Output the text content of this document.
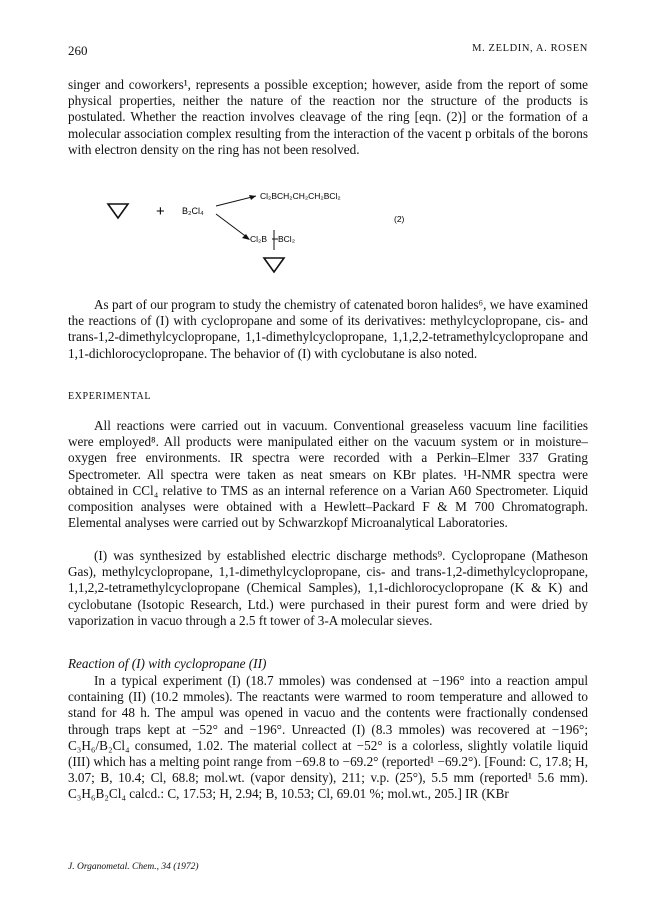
260	M. ZELDIN, A. ROSEN

singer and coworkers¹, represents a possible exception; however, aside from the report of some physical properties, neither the nature of the reaction nor the structure of the products is postulated. Whether the reaction involves cleavage of the ring [eqn. (2)] or the formation of a molecular association complex resulting from the interaction of the vacent p orbitals of the borons with electron density on the ring has not been resolved.

+ B₂Cl₄
Cl₂BCH₂CH₂CH₂BCl₂
(2)
Cl₂B BCl₂

As part of our program to study the chemistry of catenated boron halides⁶, we have examined the reactions of (I) with cyclopropane and some of its derivatives: methylcyclopropane, cis- and trans-1,2-dimethylcyclopropane, 1,1-dimethylcyclopropane, 1,1,2,2-tetramethylcyclopropane and 1,1-dichlorocyclopropane. The behavior of (I) with cyclobutane is also noted.

EXPERIMENTAL

All reactions were carried out in vacuum. Conventional greaseless vacuum line facilities were employed⁸. All products were manipulated either on the vacuum system or in moisture–oxygen free environments. IR spectra were recorded with a Perkin–Elmer 337 Grating Spectrometer. All spectra were taken as neat smears on KBr plates. ¹H-NMR spectra were obtained in CCl₄ relative to TMS as an internal reference on a Varian A60 Spectrometer. Liquid composition analyses were obtained with a Hewlett–Packard F & M 700 Chromatograph. Elemental analyses were carried out by Schwarzkopf Microanalytical Laboratories.

(I) was synthesized by established electric discharge methods⁹. Cyclopropane (Matheson Gas), methylcyclopropane, 1,1-dimethylcyclopropane, cis- and trans-1,2-dimethylcyclopropane, 1,1,2,2-tetramethylcyclopropane (Chemical Samples), 1,1-dichlorocyclopropane (K & K) and cyclobutane (Isotopic Research, Ltd.) were purchased in their purest form and were dried by vaporization in vacuo through a 2.5 ft tower of 3-A molecular sieves.

Reaction of (I) with cyclopropane (II)

In a typical experiment (I) (18.7 mmoles) was condensed at −196° into a reaction ampul containing (II) (10.2 mmoles). The reactants were warmed to room temperature and allowed to stand for 48 h. The ampul was opened in vacuo and the contents were fractionally condensed through traps kept at −52° and −196°. Unreacted (I) (8.3 mmoles) was recovered at −196°; C₃H₆/B₂Cl₄ consumed, 1.02. The material collect at −52° is a colorless, slightly volatile liquid (III) which has a melting point range from −69.8 to −69.2° (reported¹ −69.2°). [Found: C, 17.8; H, 3.07; B, 10.4; Cl, 68.8; mol.wt. (vapor density), 211; v.p. (25°), 5.5 mm (reported¹ 5.6 mm). C₃H₆B₂Cl₄ calcd.: C, 17.53; H, 2.94; B, 10.53; Cl, 69.01 %; mol.wt., 205.] IR (KBr

J. Organometal. Chem., 34 (1972)
